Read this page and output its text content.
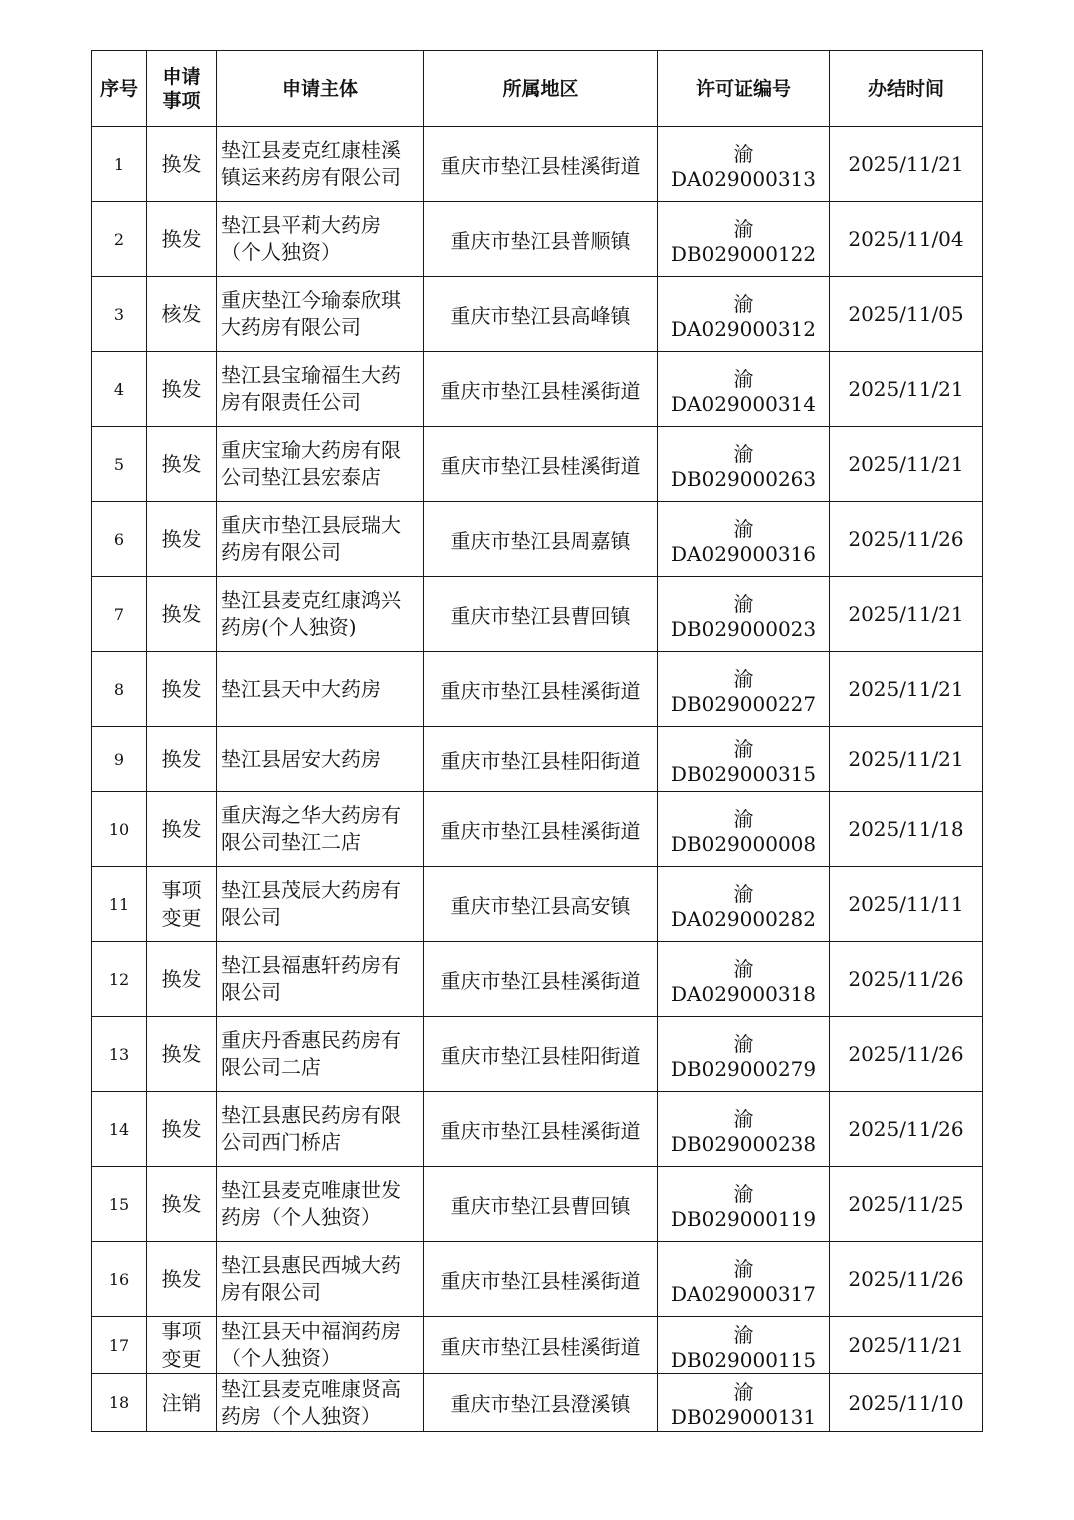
序号	申请事项	申请主体	所属地区	许可证编号	办结时间
1	换发	垫江县麦克红康桂溪镇运来药房有限公司	重庆市垫江县桂溪街道	渝DA029000313	2025/11/21
2	换发	垫江县平莉大药房（个人独资）	重庆市垫江县普顺镇	渝DB029000122	2025/11/04
3	核发	重庆垫江今瑜泰欣琪大药房有限公司	重庆市垫江县高峰镇	渝DA029000312	2025/11/05
4	换发	垫江县宝瑜福生大药房有限责任公司	重庆市垫江县桂溪街道	渝DA029000314	2025/11/21
5	换发	重庆宝瑜大药房有限公司垫江县宏泰店	重庆市垫江县桂溪街道	渝DB029000263	2025/11/21
6	换发	重庆市垫江县辰瑞大药房有限公司	重庆市垫江县周嘉镇	渝DA029000316	2025/11/26
7	换发	垫江县麦克红康鸿兴药房(个人独资)	重庆市垫江县曹回镇	渝DB029000023	2025/11/21
8	换发	垫江县天中大药房	重庆市垫江县桂溪街道	渝DB029000227	2025/11/21
9	换发	垫江县居安大药房	重庆市垫江县桂阳街道	渝DB029000315	2025/11/21
10	换发	重庆海之华大药房有限公司垫江二店	重庆市垫江县桂溪街道	渝DB029000008	2025/11/18
11	事项变更	垫江县茂辰大药房有限公司	重庆市垫江县高安镇	渝DA029000282	2025/11/11
12	换发	垫江县福惠轩药房有限公司	重庆市垫江县桂溪街道	渝DA029000318	2025/11/26
13	换发	重庆丹香惠民药房有限公司二店	重庆市垫江县桂阳街道	渝DB029000279	2025/11/26
14	换发	垫江县惠民药房有限公司西门桥店	重庆市垫江县桂溪街道	渝DB029000238	2025/11/26
15	换发	垫江县麦克唯康世发药房（个人独资）	重庆市垫江县曹回镇	渝DB029000119	2025/11/25
16	换发	垫江县惠民西城大药房有限公司	重庆市垫江县桂溪街道	渝DA029000317	2025/11/26
17	事项变更	垫江县天中福润药房（个人独资）	重庆市垫江县桂溪街道	渝DB029000115	2025/11/21
18	注销	垫江县麦克唯康贤高药房（个人独资）	重庆市垫江县澄溪镇	渝DB029000131	2025/11/10
